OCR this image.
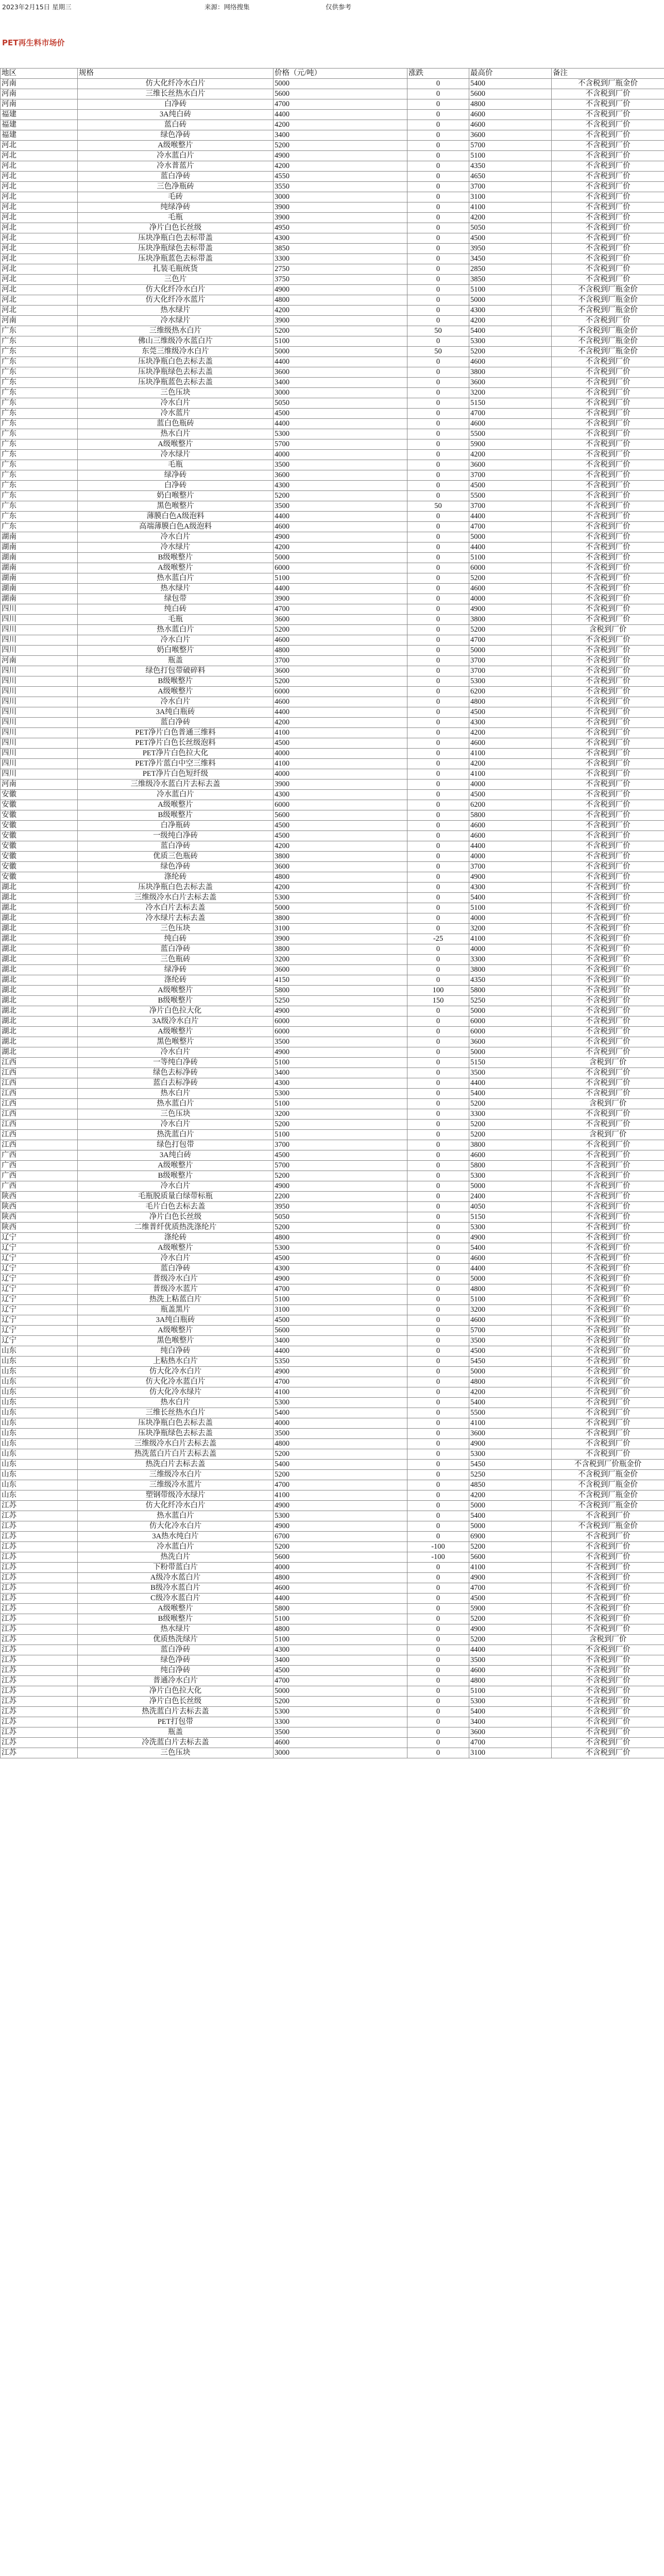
2023年2月15日 星期三	来源：网络搜集	仅供参考
PET再生料市场价
地区	规格	价格（元/吨）	涨跌	最高价	备注
河南	仿大化纤冷水白片	5000	0	5400	不含税到厂瓶金价
河南	三维长丝热水白片	5600	0	5600	不含税到厂价
河南	白净砖	4700	0	4800	不含税到厂价
福建	3A纯白砖	4400	0	4600	不含税到厂价
福建	蓝白砖	4200	0	4600	不含税到厂价
福建	绿色净砖	3400	0	3600	不含税到厂价
河北	A级喉整片	5200	0	5700	不含税到厂价
河北	冷水蓝白片	4900	0	5100	不含税到厂价
河北	冷水普蓝片	4200	0	4350	不含税到厂价
河北	蓝白净砖	4550	0	4650	不含税到厂价
河北	三色净瓶砖	3550	0	3700	不含税到厂价
河北	毛砖	3000	0	3100	不含税到厂价
河北	纯绿净砖	3900	0	4100	不含税到厂价
河北	毛瓶	3900	0	4200	不含税到厂价
河北	净片白色长丝级	4950	0	5050	不含税到厂价
河北	压块净瓶白色去标带盖	4300	0	4500	不含税到厂价
河北	压块净瓶绿色去标带盖	3850	0	3950	不含税到厂价
河北	压块净瓶蓝色去标带盖	3300	0	3450	不含税到厂价
河北	扎装毛瓶统货	2750	0	2850	不含税到厂价
河北	三色片	3750	0	3850	不含税到厂价
河北	仿大化纤冷水白片	4900	0	5100	不含税到厂瓶金价
河北	仿大化纤冷水蓝片	4800	0	5000	不含税到厂瓶金价
河北	热水绿片	4200	0	4300	不含税到厂瓶金价
河南	冷水绿片	3900	0	4200	不含税到厂价
广东	三维级热水白片	5200	50	5400	不含税到厂瓶金价
广东	佛山三维级冷水蓝白片	5100	0	5300	不含税到厂瓶金价
广东	东莞三维级冷水白片	5000	50	5200	不含税到厂瓶金价
广东	压块净瓶白色去标去盖	4400	0	4600	不含税到厂价
广东	压块净瓶绿色去标去盖	3600	0	3800	不含税到厂价
广东	压块净瓶蓝色去标去盖	3400	0	3600	不含税到厂价
广东	三色压块	3000	0	3200	不含税到厂价
广东	冷水白片	5050	0	5150	不含税到厂价
广东	冷水蓝片	4500	0	4700	不含税到厂价
广东	蓝白色瓶砖	4400	0	4600	不含税到厂价
广东	热水白片	5300	0	5500	不含税到厂价
广东	A级喉整片	5700	0	5900	不含税到厂价
广东	冷水绿片	4000	0	4200	不含税到厂价
广东	毛瓶	3500	0	3600	不含税到厂价
广东	绿净砖	3600	0	3700	不含税到厂价
广东	白净砖	4300	0	4500	不含税到厂价
广东	奶白喉整片	5200	0	5500	不含税到厂价
广东	黑色喉整片	3500	50	3700	不含税到厂价
广东	薄膜白色A级泡料	4400	0	4400	不含税到厂价
广东	高端薄膜白色A级泡料	4600	0	4700	不含税到厂价
湖南	冷水白片	4900	0	5000	不含税到厂价
湖南	冷水绿片	4200	0	4400	不含税到厂价
湖南	B级喉整片	5000	0	5100	不含税到厂价
湖南	A级喉整片	6000	0	6000	不含税到厂价
湖南	热水蓝白片	5100	0	5200	不含税到厂价
湖南	热水绿片	4400	0	4600	不含税到厂价
湖南	绿包带	3900	0	4000	不含税到厂价
四川	纯白砖	4700	0	4900	不含税到厂价
四川	毛瓶	3600	0	3800	不含税到厂价
四川	热水蓝白片	5200	0	5200	含税到厂价
四川	冷水白片	4600	0	4700	不含税到厂价
四川	奶白喉整片	4800	0	5000	不含税到厂价
河南	瓶盖	3700	0	3700	不含税到厂价
四川	绿色打包带破碎料	3600	0	3700	不含税到厂价
四川	B级喉整片	5200	0	5300	不含税到厂价
四川	A级喉整片	6000	0	6200	不含税到厂价
四川	冷水白片	4600	0	4800	不含税到厂价
四川	3A纯白瓶砖	4400	0	4500	不含税到厂价
四川	蓝白净砖	4200	0	4300	不含税到厂价
四川	PET净片白色普通三维料	4100	0	4200	不含税到厂价
四川	PET净片白色长丝级泡料	4500	0	4600	不含税到厂价
四川	PET净片白色拉大化	4000	0	4100	不含税到厂价
四川	PET净片蓝白中空三维料	4100	0	4200	不含税到厂价
四川	PET净片白色短纤级	4000	0	4100	不含税到厂价
河南	三维级冷水蓝白片去标去盖	3900	0	4000	不含税到厂价
安徽	冷水蓝白片	4300	0	4500	不含税到厂价
安徽	A级喉整片	6000	0	6200	不含税到厂价
安徽	B级喉整片	5600	0	5800	不含税到厂价
安徽	白净瓶砖	4500	0	4600	不含税到厂价
安徽	一级纯白净砖	4500	0	4600	不含税到厂价
安徽	蓝白净砖	4200	0	4400	不含税到厂价
安徽	优质三色瓶砖	3800	0	4000	不含税到厂价
安徽	绿色净砖	3600	0	3700	不含税到厂价
安徽	涤纶砖	4800	0	4900	不含税到厂价
湖北	压块净瓶白色去标去盖	4200	0	4300	不含税到厂价
湖北	三维级冷水白片去标去盖	5300	0	5400	不含税到厂价
湖北	冷水白片去标去盖	5000	0	5100	不含税到厂价
湖北	冷水绿片去标去盖	3800	0	4000	不含税到厂价
湖北	三色压块	3100	0	3200	不含税到厂价
湖北	纯白砖	3900	-25	4100	不含税到厂价
湖北	蓝白净砖	3800	0	4000	不含税到厂价
湖北	三色瓶砖	3200	0	3300	不含税到厂价
湖北	绿净砖	3600	0	3800	不含税到厂价
湖北	涤纶砖	4150	0	4350	不含税到厂价
湖北	A级喉整片	5800	100	5800	不含税到厂价
湖北	B级喉整片	5250	150	5250	不含税到厂价
湖北	净片白色拉大化	4900	0	5000	不含税到厂价
湖北	3A级冷水白片	6000	0	6000	不含税到厂价
湖北	A级喉整片	6000	0	6000	不含税到厂价
湖北	黑色喉整片	3500	0	3600	不含税到厂价
湖北	冷水白片	4900	0	5000	不含税到厂价
江西	一等纯白净砖	5100	0	5150	含税到厂价
江西	绿色去标净砖	3400	0	3500	不含税到厂价
江西	蓝白去标净砖	4300	0	4400	不含税到厂价
江西	热水白片	5300	0	5400	不含税到厂价
江西	热水蓝白片	5100	0	5200	含税到厂价
江西	三色压块	3200	0	3300	不含税到厂价
江西	冷水白片	5200	0	5200	不含税到厂价
江西	热洗蓝白片	5100	0	5200	含税到厂价
江西	绿色打包带	3700	0	3800	不含税到厂价
广西	3A纯白砖	4500	0	4600	不含税到厂价
广西	A级喉整片	5700	0	5800	不含税到厂价
广西	B级喉整片	5200	0	5300	不含税到厂价
广西	冷水白片	4900	0	5000	不含税到厂价
陕西	毛瓶脱质量白绿带标瓶	2200	0	2400	不含税到厂价
陕西	毛片白色去标去盖	3950	0	4050	不含税到厂价
陕西	净片白色长丝级	5050	0	5150	不含税到厂价
陕西	二维普纤优质热洗涤纶片	5200	0	5300	不含税到厂价
辽宁	涤纶砖	4800	0	4900	不含税到厂价
辽宁	A级喉整片	5300	0	5400	不含税到厂价
辽宁	冷水白片	4500	0	4600	不含税到厂价
辽宁	蓝白净砖	4300	0	4400	不含税到厂价
辽宁	普级冷水白片	4900	0	5000	不含税到厂价
辽宁	普级冷水蓝片	4700	0	4800	不含税到厂价
辽宁	热洗上粘蓝白片	5100	0	5100	不含税到厂价
辽宁	瓶盖黑片	3100	0	3200	不含税到厂价
辽宁	3A纯白瓶砖	4500	0	4600	不含税到厂价
辽宁	A级喉整片	5600	0	5700	不含税到厂价
辽宁	黑色喉整片	3400	0	3500	不含税到厂价
山东	纯白净砖	4400	0	4500	不含税到厂价
山东	上粘热水白片	5350	0	5450	不含税到厂价
山东	仿大化冷水白片	4900	0	5000	不含税到厂价
山东	仿大化冷水蓝白片	4700	0	4800	不含税到厂价
山东	仿大化冷水绿片	4100	0	4200	不含税到厂价
山东	热水白片	5300	0	5400	不含税到厂价
山东	三维长丝热水白片	5400	0	5500	不含税到厂价
山东	压块净瓶白色去标去盖	4000	0	4100	不含税到厂价
山东	压块净瓶绿色去标去盖	3500	0	3600	不含税到厂价
山东	三维级冷水白片去标去盖	4800	0	4900	不含税到厂价
山东	热洗蓝白片白片去标去盖	5200	0	5300	不含税到厂价
山东	热洗白片去标去盖	5400	0	5450	不含税到厂价瓶金价
山东	三维级冷水白片	5200	0	5250	不含税到厂瓶金价
山东	三维级冷水蓝片	4700	0	4850	不含税到厂瓶金价
山东	塑钢带级冷水绿片	4100	0	4200	不含税到厂瓶金价
江苏	仿大化纤冷水白片	4900	0	5000	不含税到厂瓶金价
江苏	热水蓝白片	5300	0	5400	不含税到厂价
江苏	仿大化冷水白片	4900	0	5000	不含税到厂瓶金价
江苏	3A热水纯白片	6700	0	6900	不含税到厂价
江苏	冷水蓝白片	5200	-100	5200	不含税到厂价
江苏	热洗白片	5600	-100	5600	不含税到厂价
江苏	下粉带蓝白片	4000	0	4100	不含税到厂价
江苏	A级冷水蓝白片	4800	0	4900	不含税到厂价
江苏	B级冷水蓝白片	4600	0	4700	不含税到厂价
江苏	C级冷水蓝白片	4400	0	4500	不含税到厂价
江苏	A级喉整片	5800	0	5900	不含税到厂价
江苏	B级喉整片	5100	0	5200	不含税到厂价
江苏	热水绿片	4800	0	4900	不含税到厂价
江苏	优质热洗绿片	5100	0	5200	含税到厂价
江苏	蓝白净砖	4300	0	4400	不含税到厂价
江苏	绿色净砖	3400	0	3500	不含税到厂价
江苏	纯白净砖	4500	0	4600	不含税到厂价
江苏	普通冷水白片	4700	0	4800	不含税到厂价
江苏	净片白色拉大化	5000	0	5100	不含税到厂价
江苏	净片白色长丝级	5200	0	5300	不含税到厂价
江苏	热洗蓝白片去标去盖	5300	0	5400	不含税到厂价
江苏	PET打包带	3300	0	3400	不含税到厂价
江苏	瓶盖	3500	0	3600	不含税到厂价
江苏	冷洗蓝白片去标去盖	4600	0	4700	不含税到厂价
江苏	三色压块	3000	0	3100	不含税到厂价
